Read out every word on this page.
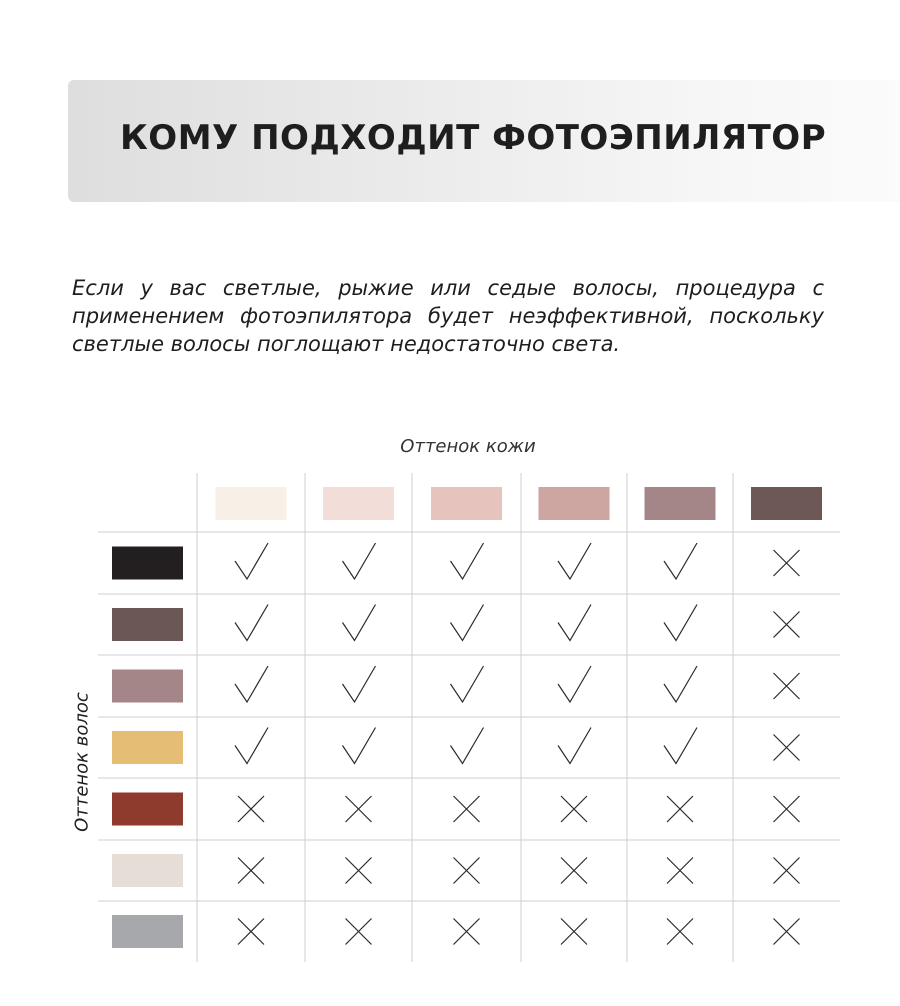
КОМУ ПОДХОДИТ ФОТОЭПИЛЯТОР

Если у вас светлые, рыжие или седые волосы, процедура с применением фотоэпилятора будет неэффективной, поскольку светлые волосы поглощают недостаточно света.

Оттенок кожи
Оттенок волос
